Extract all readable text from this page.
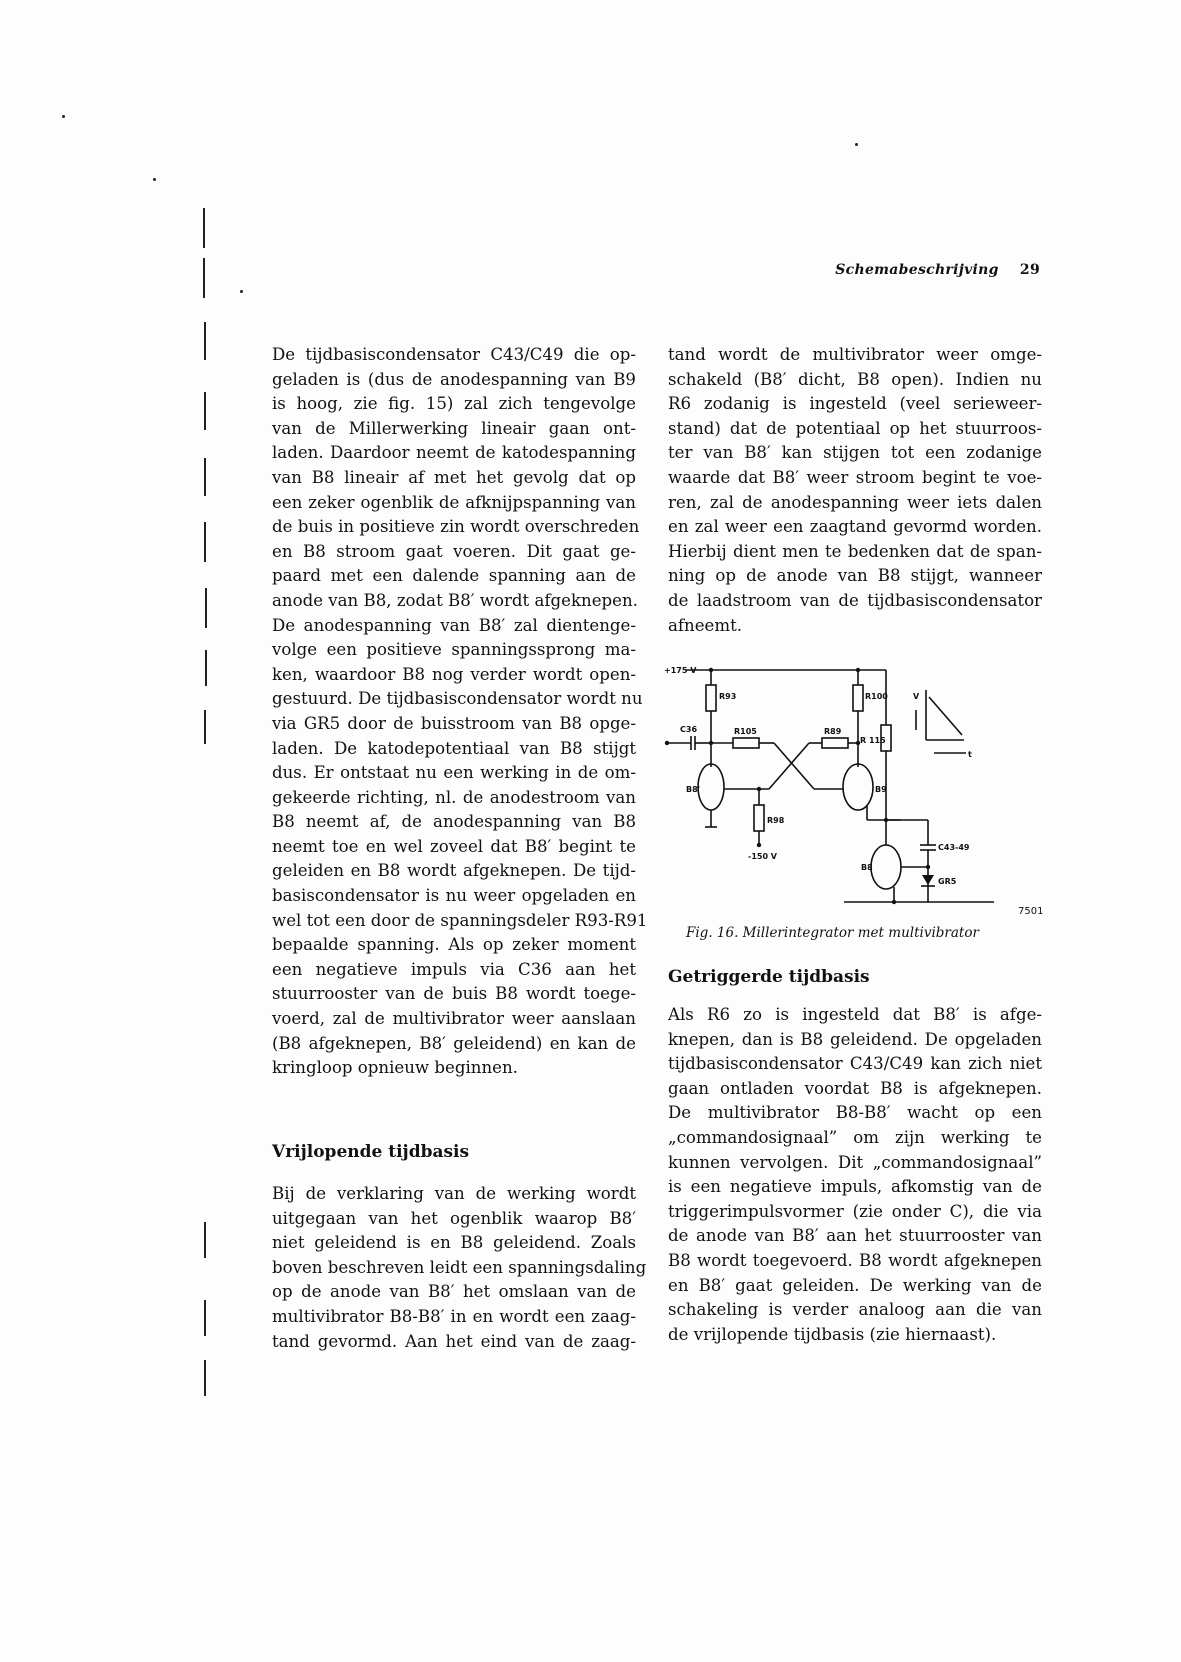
Schemabeschrijving 29
De tijdbasiscondensator C43/C49 die op-
geladen is (dus de anodespanning van B9
is hoog, zie fig. 15) zal zich tengevolge
van de Millerwerking lineair gaan ont-
laden. Daardoor neemt de katodespanning
van B8 lineair af met het gevolg dat op
een zeker ogenblik de afknijpspanning van
de buis in positieve zin wordt overschreden
en B8 stroom gaat voeren. Dit gaat ge-
paard met een dalende spanning aan de
anode van B8, zodat B8′ wordt afgeknepen.
De anodespanning van B8′ zal dientenge-
volge een positieve spanningssprong ma-
ken, waardoor B8 nog verder wordt open-
gestuurd. De tijdbasiscondensator wordt nu
via GR5 door de buisstroom van B8 opge-
laden. De katodepotentiaal van B8 stijgt
dus. Er ontstaat nu een werking in de om-
gekeerde richting, nl. de anodestroom van
B8 neemt af, de anodespanning van B8
neemt toe en wel zoveel dat B8′ begint te
geleiden en B8 wordt afgeknepen. De tijd-
basiscondensator is nu weer opgeladen en
wel tot een door de spanningsdeler R93-R91
bepaalde spanning. Als op zeker moment
een negatieve impuls via C36 aan het
stuurrooster van de buis B8 wordt toege-
voerd, zal de multivibrator weer aanslaan
(B8 afgeknepen, B8′ geleidend) en kan de
kringloop opnieuw beginnen.
Vrijlopende tijdbasis
Bij de verklaring van de werking wordt
uitgegaan van het ogenblik waarop B8′
niet geleidend is en B8 geleidend. Zoals
boven beschreven leidt een spanningsdaling
op de anode van B8′ het omslaan van de
multivibrator B8-B8′ in en wordt een zaag-
tand gevormd. Aan het eind van de zaag-
tand wordt de multivibrator weer omge-
schakeld (B8′ dicht, B8 open). Indien nu
R6 zodanig is ingesteld (veel serieweer-
stand) dat de potentiaal op het stuurroos-
ter van B8′ kan stijgen tot een zodanige
waarde dat B8′ weer stroom begint te voe-
ren, zal de anodespanning weer iets dalen
en zal weer een zaagtand gevormd worden.
Hierbij dient men te bedenken dat de span-
ning op de anode van B8 stijgt, wanneer
de laadstroom van de tijdbasiscondensator
afneemt.
+175 V
-150 V
C36
R93
R105	R89
R100
R 115
R98
B8'	B9
B8
C43-49
GR5
V
t
7501
Fig. 16. Millerintegrator met multivibrator
Getriggerde tijdbasis
Als R6 zo is ingesteld dat B8′ is afge-
knepen, dan is B8 geleidend. De opgeladen
tijdbasiscondensator C43/C49 kan zich niet
gaan ontladen voordat B8 is afgeknepen.
De multivibrator B8-B8′ wacht op een
„commandosignaal” om zijn werking te
kunnen vervolgen. Dit „commandosignaal”
is een negatieve impuls, afkomstig van de
triggerimpulsvormer (zie onder C), die via
de anode van B8′ aan het stuurrooster van
B8 wordt toegevoerd. B8 wordt afgeknepen
en B8′ gaat geleiden. De werking van de
schakeling is verder analoog aan die van
de vrijlopende tijdbasis (zie hiernaast).
